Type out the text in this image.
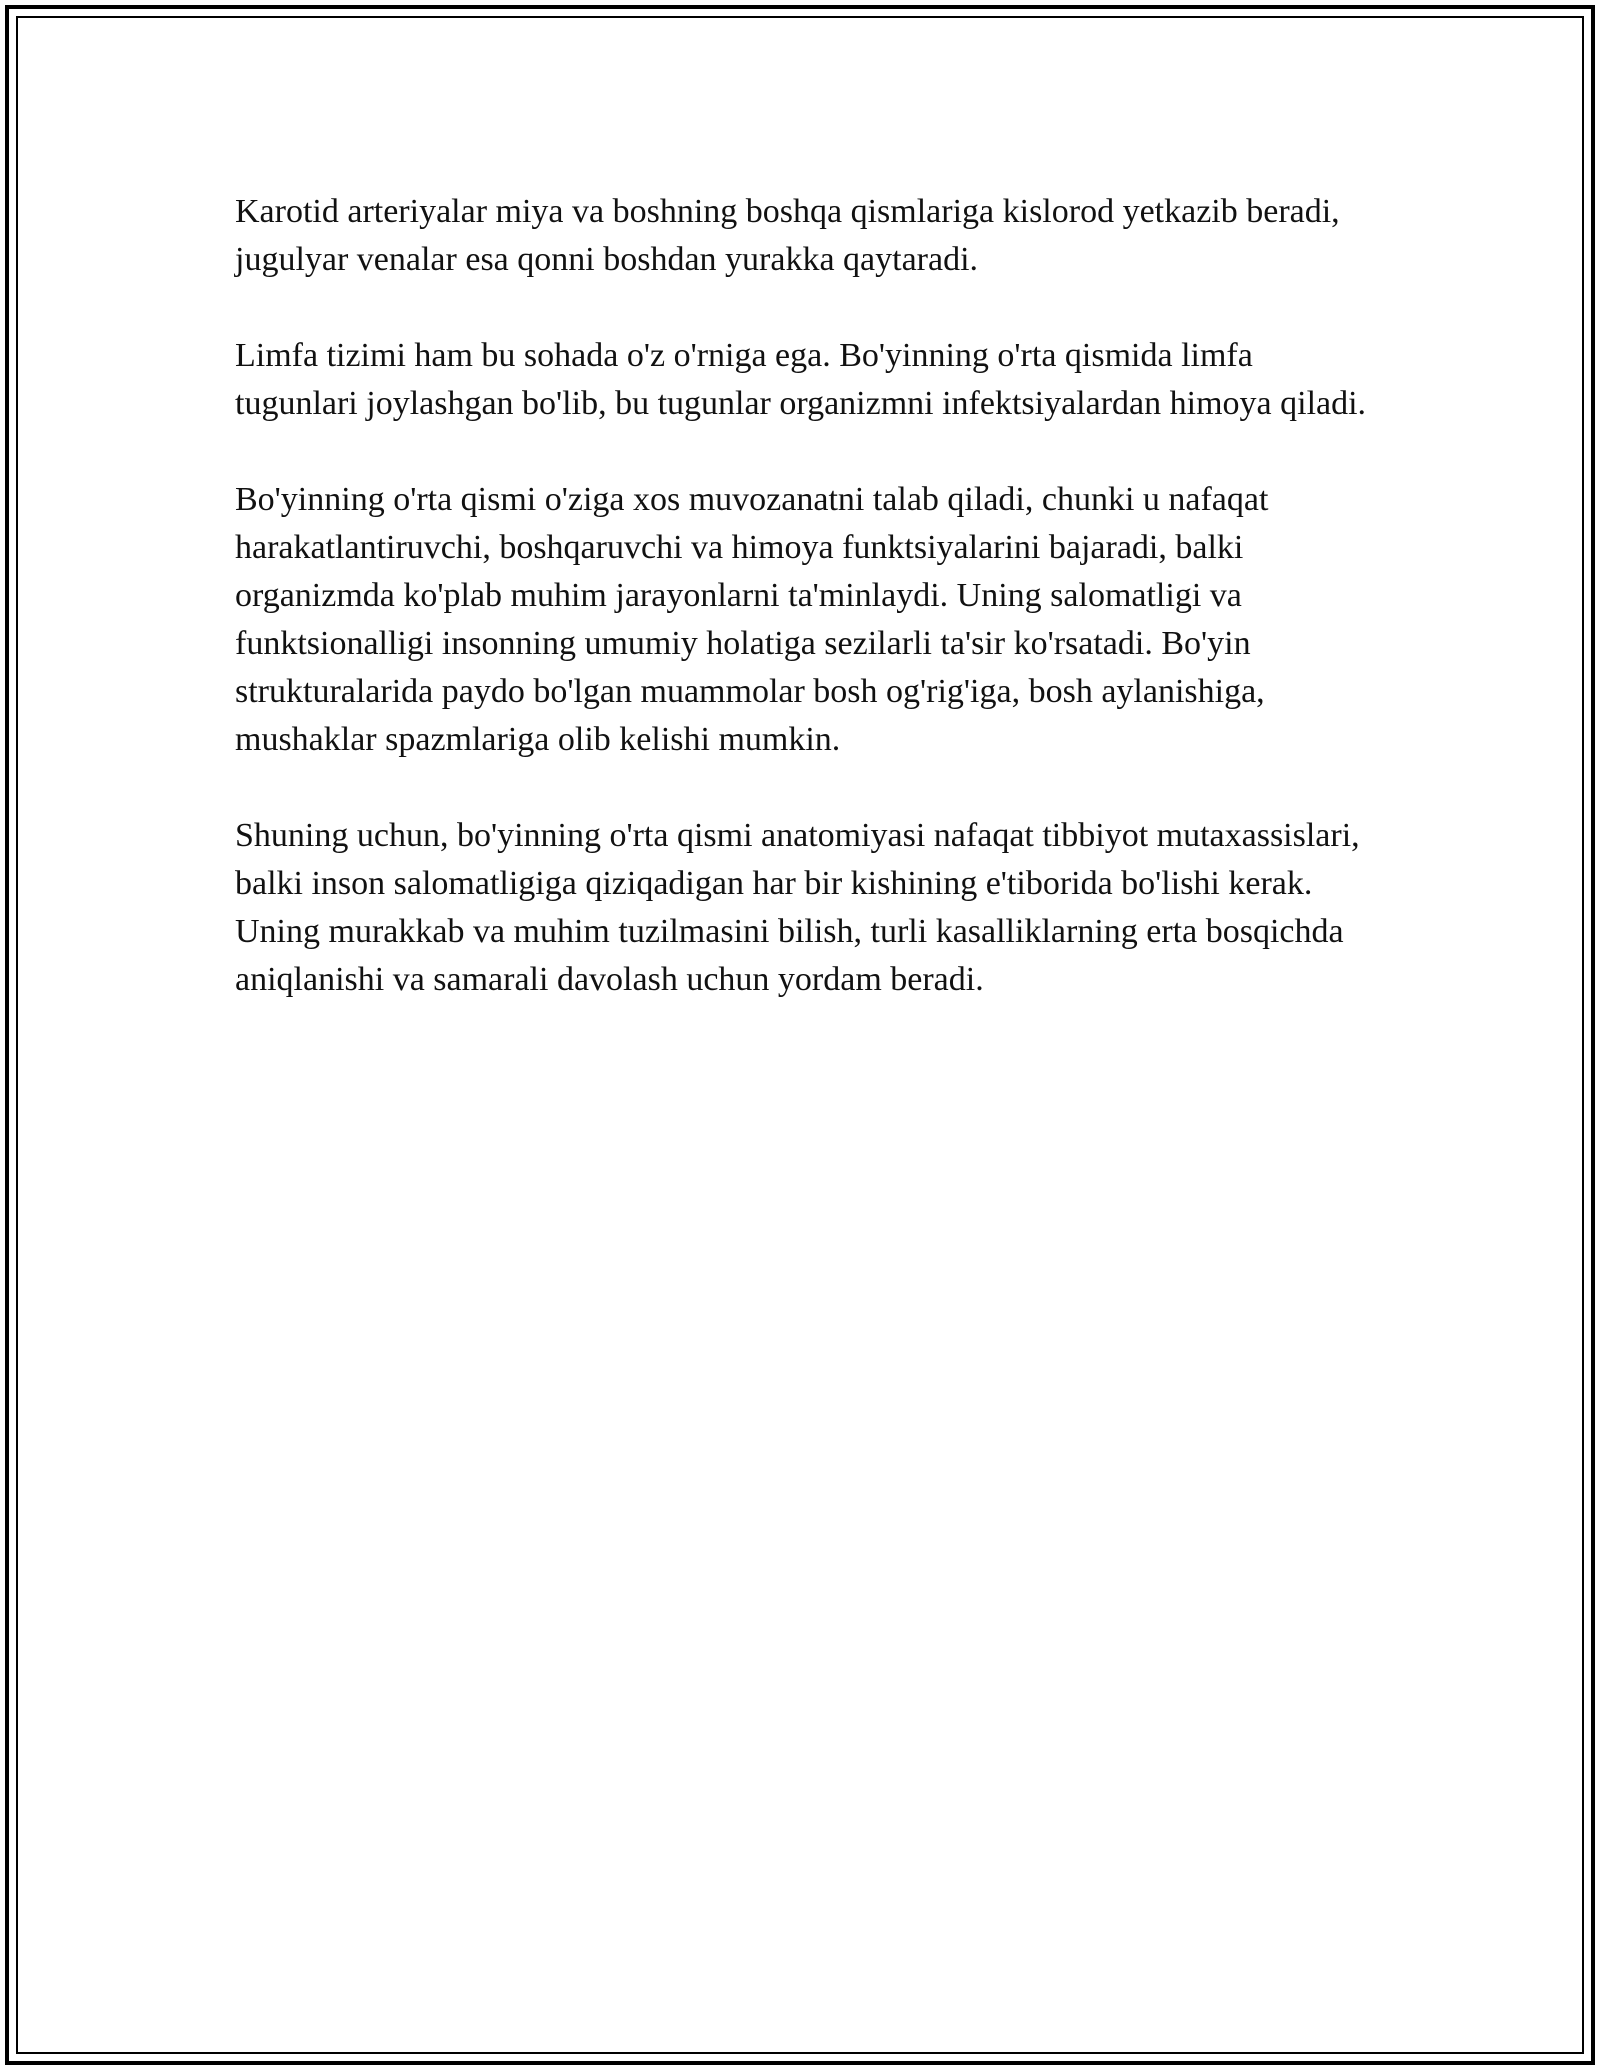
Karotid arteriyalar miya va boshning boshqa qismlariga kislorod yetkazib beradi, jugulyar venalar esa qonni boshdan yurakka qaytaradi.

Limfa tizimi ham bu sohada o'z o'rniga ega. Bo'yinning o'rta qismida limfa tugunlari joylashgan bo'lib, bu tugunlar organizmni infektsiyalardan himoya qiladi.

Bo'yinning o'rta qismi o'ziga xos muvozanatni talab qiladi, chunki u nafaqat harakatlantiruvchi, boshqaruvchi va himoya funktsiyalarini bajaradi, balki organizmda ko'plab muhim jarayonlarni ta'minlaydi. Uning salomatligi va funktsionalligi insonning umumiy holatiga sezilarli ta'sir ko'rsatadi. Bo'yin strukturalarida paydo bo'lgan muammolar bosh og'rig'iga, bosh aylanishiga, mushaklar spazmlariga olib kelishi mumkin.

Shuning uchun, bo'yinning o'rta qismi anatomiyasi nafaqat tibbiyot mutaxassislari, balki inson salomatligiga qiziqadigan har bir kishining e'tiborida bo'lishi kerak. Uning murakkab va muhim tuzilmasini bilish, turli kasalliklarning erta bosqichda aniqlanishi va samarali davolash uchun yordam beradi.
